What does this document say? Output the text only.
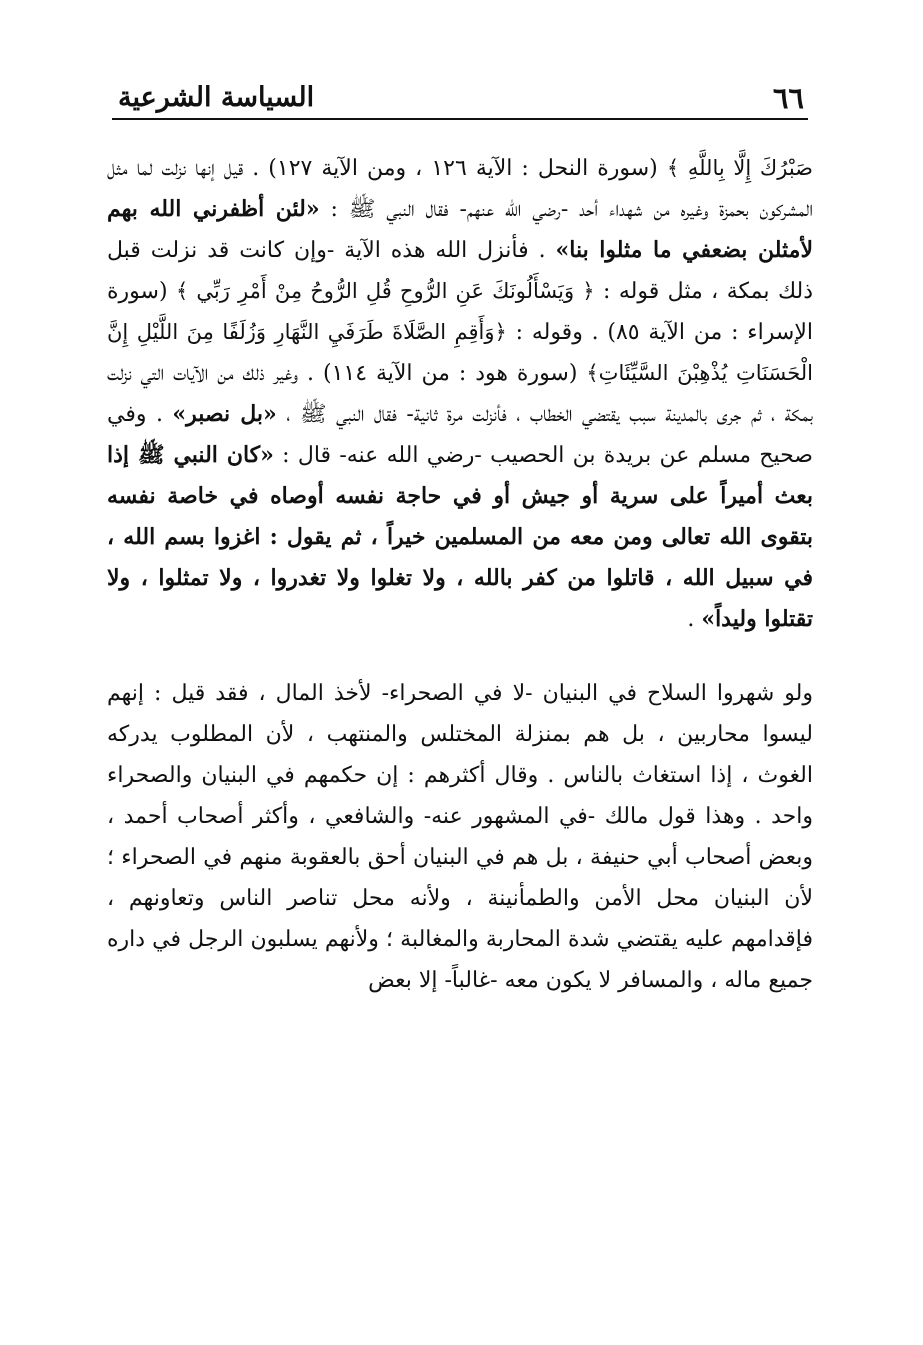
٦٦
السياسة الشرعية

صَبْرُكَ إِلَّا بِاللَّهِ ﴾ (سورة النحل : الآية ١٢٦ ، ومن الآية ١٢٧) . قيل إنها نزلت لما مثل المشركون بحمزة وغيره من شهداء أحد -رضي الله عنهم- فقال النبي ﷺ : «لئن أظفرني الله بهم لأمثلن بضعفي ما مثلوا بنا» . فأنزل الله هذه الآية -وإن كانت قد نزلت قبل ذلك بمكة ، مثل قوله : ﴿ وَيَسْأَلُونَكَ عَنِ الرُّوحِ قُلِ الرُّوحُ مِنْ أَمْرِ رَبِّي ﴾ (سورة الإسراء : من الآية ٨٥) . وقوله : ﴿وَأَقِمِ الصَّلَاةَ طَرَفَيِ النَّهَارِ وَزُلَفًا مِنَ اللَّيْلِ إِنَّ الْحَسَنَاتِ يُذْهِبْنَ السَّيِّئَاتِ﴾ (سورة هود : من الآية ١١٤) . وغير ذلك من الآيات التي نزلت بمكة ، ثم جرى بالمدينة سبب يقتضي الخطاب ، فأنزلت مرة ثانية- فقال النبي ﷺ ، «بل نصبر» . وفي صحيح مسلم عن بريدة بن الحصيب -رضي الله عنه- قال : «كان النبي ﷺ إذا بعث أميراً على سرية أو جيش أو في حاجة نفسه أوصاه في خاصة نفسه بتقوى الله تعالى ومن معه من المسلمين خيراً ، ثم يقول : اغزوا بسم الله ، في سبيل الله ، قاتلوا من كفر بالله ، ولا تغلوا ولا تغدروا ، ولا تمثلوا ، ولا تقتلوا وليداً» .

ولو شهروا السلاح في البنيان -لا في الصحراء- لأخذ المال ، فقد قيل : إنهم ليسوا محاربين ، بل هم بمنزلة المختلس والمنتهب ، لأن المطلوب يدركه الغوث ، إذا استغاث بالناس . وقال أكثرهم : إن حكمهم في البنيان والصحراء واحد . وهذا قول مالك -في المشهور عنه- والشافعي ، وأكثر أصحاب أحمد ، وبعض أصحاب أبي حنيفة ، بل هم في البنيان أحق بالعقوبة منهم في الصحراء ؛ لأن البنيان محل الأمن والطمأنينة ، ولأنه محل تناصر الناس وتعاونهم ، فإقدامهم عليه يقتضي شدة المحاربة والمغالبة ؛ ولأنهم يسلبون الرجل في داره جميع ماله ، والمسافر لا يكون معه -غالباً- إلا بعض
